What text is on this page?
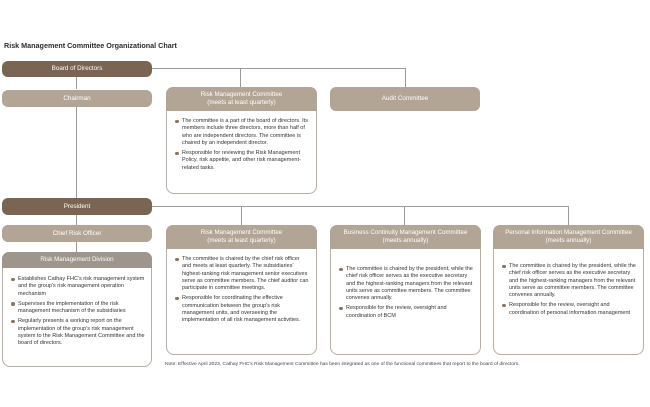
Risk Management Committee Organizational Chart
Board of Directors
Chairman
Risk Management Committee
(meets at least quarterly)
The committee is a part of the board of directors. Its members include three directors, more than half of who are independent directors. The committee is chaired by an independent director.
Responsible for reviewing the Risk Management Policy, risk appetite, and other risk management-related tasks.
Audit Committee
President
Chief Risk Officer
Risk Management Division
Establishes Cathay FHC's risk management system and the group's risk management operation mechanism
Supervises the implementation of the risk management mechanism of the subsidiaries
Regularly presents a working report on the implementation of the group's risk management system to the Risk Management Committee and the board of directors.
Risk Management Committee
(meets at least quarterly)
The committee is chaired by the chief risk officer and meets at least quarterly. The subsidiaries' highest-ranking risk management senior executives serve as committee members. The chief auditor can participate in committee meetings.
Responsible for coordinating the effective communication between the group's risk management units, and overseeing the implementation of all risk management activities.
Business Continuity Management Committee
(meets annually)
The committee is chaired by the president, while the chief risk officer serves as the executive secretary and the highest-ranking managers from the relevant units serve as committee members. The committee convenes annually.
Responsible for the review, oversight and coordination of BCM
Personal Information Management Committee
(meets annually)
The committee is chaired by the president, while the chief risk officer serves as the executive secretary and the highest-ranking managers from the relevant units serve as committee members. The committee convenes annually.
Responsible for the review, oversight and coordination of personal information management
Note: Effective April 2023, Cathay FHC's Risk Management Committee has been integrated as one of the functional committees that report to the board of directors.
